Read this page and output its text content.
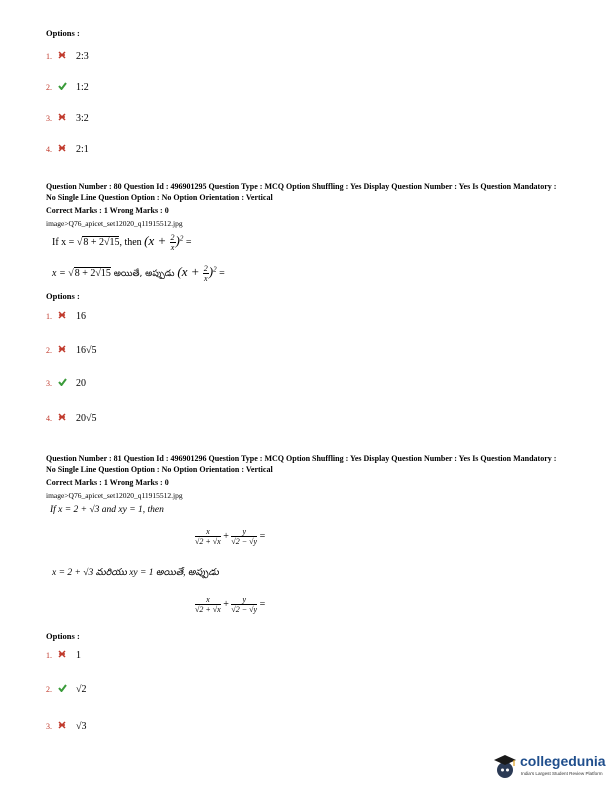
Options :
1. 2:3
2. 1:2
3. 3:2
4. 2:1
Question Number : 80 Question Id : 496901295 Question Type : MCQ Option Shuffling : Yes Display Question Number : Yes Is Question Mandatory : No Single Line Question Option : No Option Orientation : Vertical
Correct Marks : 1 Wrong Marks : 0
image>Q76_apicet_set12020_q11915512.jpg
If x = √8 + 2√15, then $(x + \frac{2}{x} )^2$ =
x = √8 + 2√15 అయితే, అప్పుడు $(x + \frac{2}{x} )^2$ =
Options :
1. 16
2. 16√5
3. 20
4. 20√5
Question Number : 81 Question Id : 496901296 Question Type : MCQ Option Shuffling : Yes Display Question Number : Yes Is Question Mandatory : No Single Line Question Option : No Option Orientation : Vertical
Correct Marks : 1 Wrong Marks : 0
image>Q76_apicet_set12020_q11915512.jpg
If x = 2 + √3 and xy = 1, then
$\frac{x}{√2 + √x} + \frac{y}{√2 - √y}$ =
x = 2 + √3 మరియు xy = 1 అయితే, అప్పుడు
$\frac{x}{√2 + √x} + \frac{y}{√2 - √y}$ =
Options :
1. 1
2. √2
3. √3
collegedunia
India's Largest Student Review Platform
